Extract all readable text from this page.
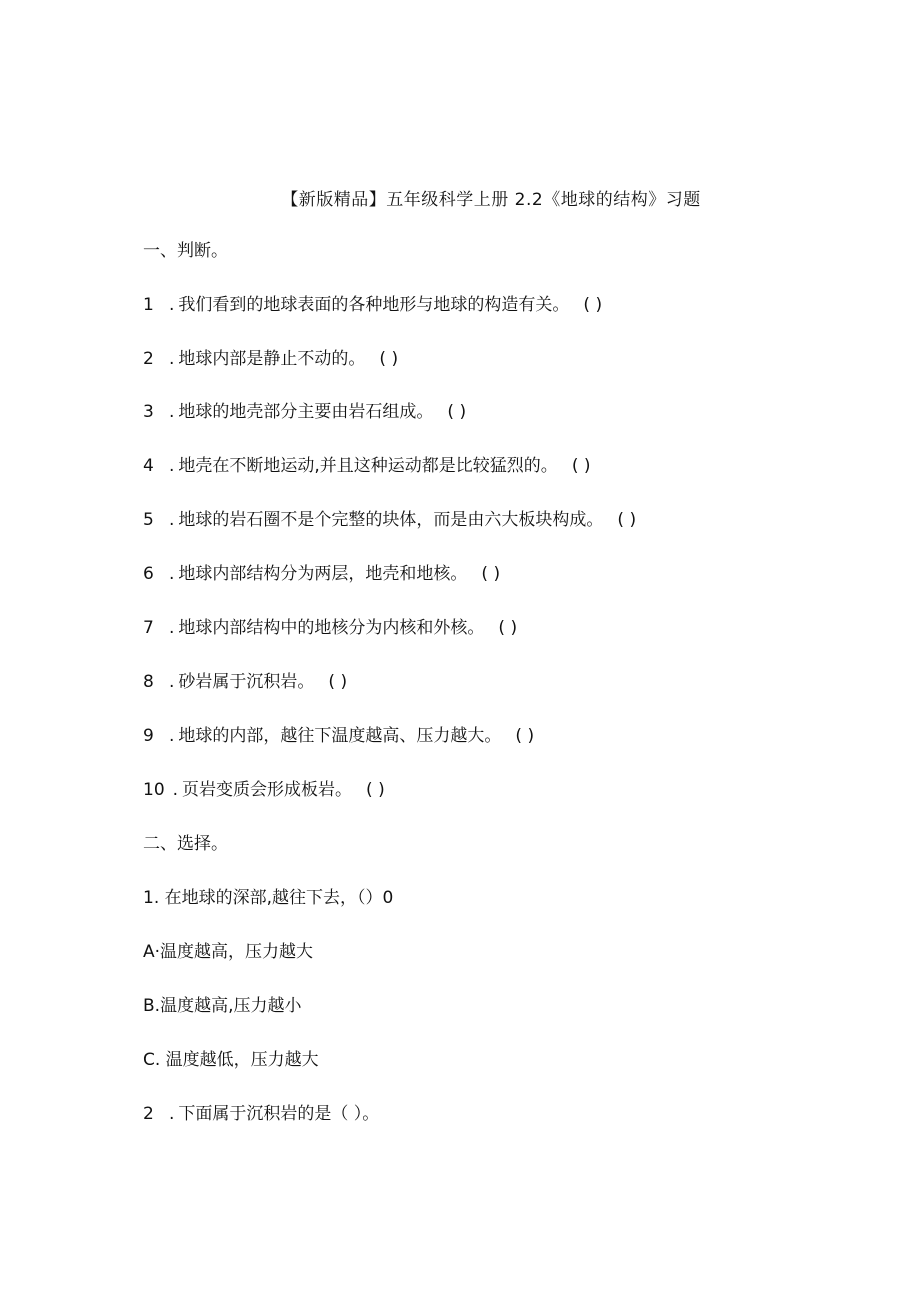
【新版精品】五年级科学上册 2.2《地球的结构》习题
一、判断。
1 . 我们看到的地球表面的各种地形与地球的构造有关。 ( )
2 . 地球内部是静止不动的。 ( )
3 . 地球的地壳部分主要由岩石组成。 ( )
4 . 地壳在不断地运动,并且这种运动都是比较猛烈的。 ( )
5 . 地球的岩石圈不是个完整的块体，而是由六大板块构成。 ( )
6 . 地球内部结构分为两层，地壳和地核。 ( )
7 . 地球内部结构中的地核分为内核和外核。 ( )
8 . 砂岩属于沉积岩。 ( )
9 . 地球的内部，越往下温度越高、压力越大。 ( )
10 . 页岩变质会形成板岩。 ( )
二、选择。
1. 在地球的深部,越往下去，（）0
A·温度越高，压力越大
B.温度越高,压力越小
C. 温度越低，压力越大
2 . 下面属于沉积岩的是（ ）。
